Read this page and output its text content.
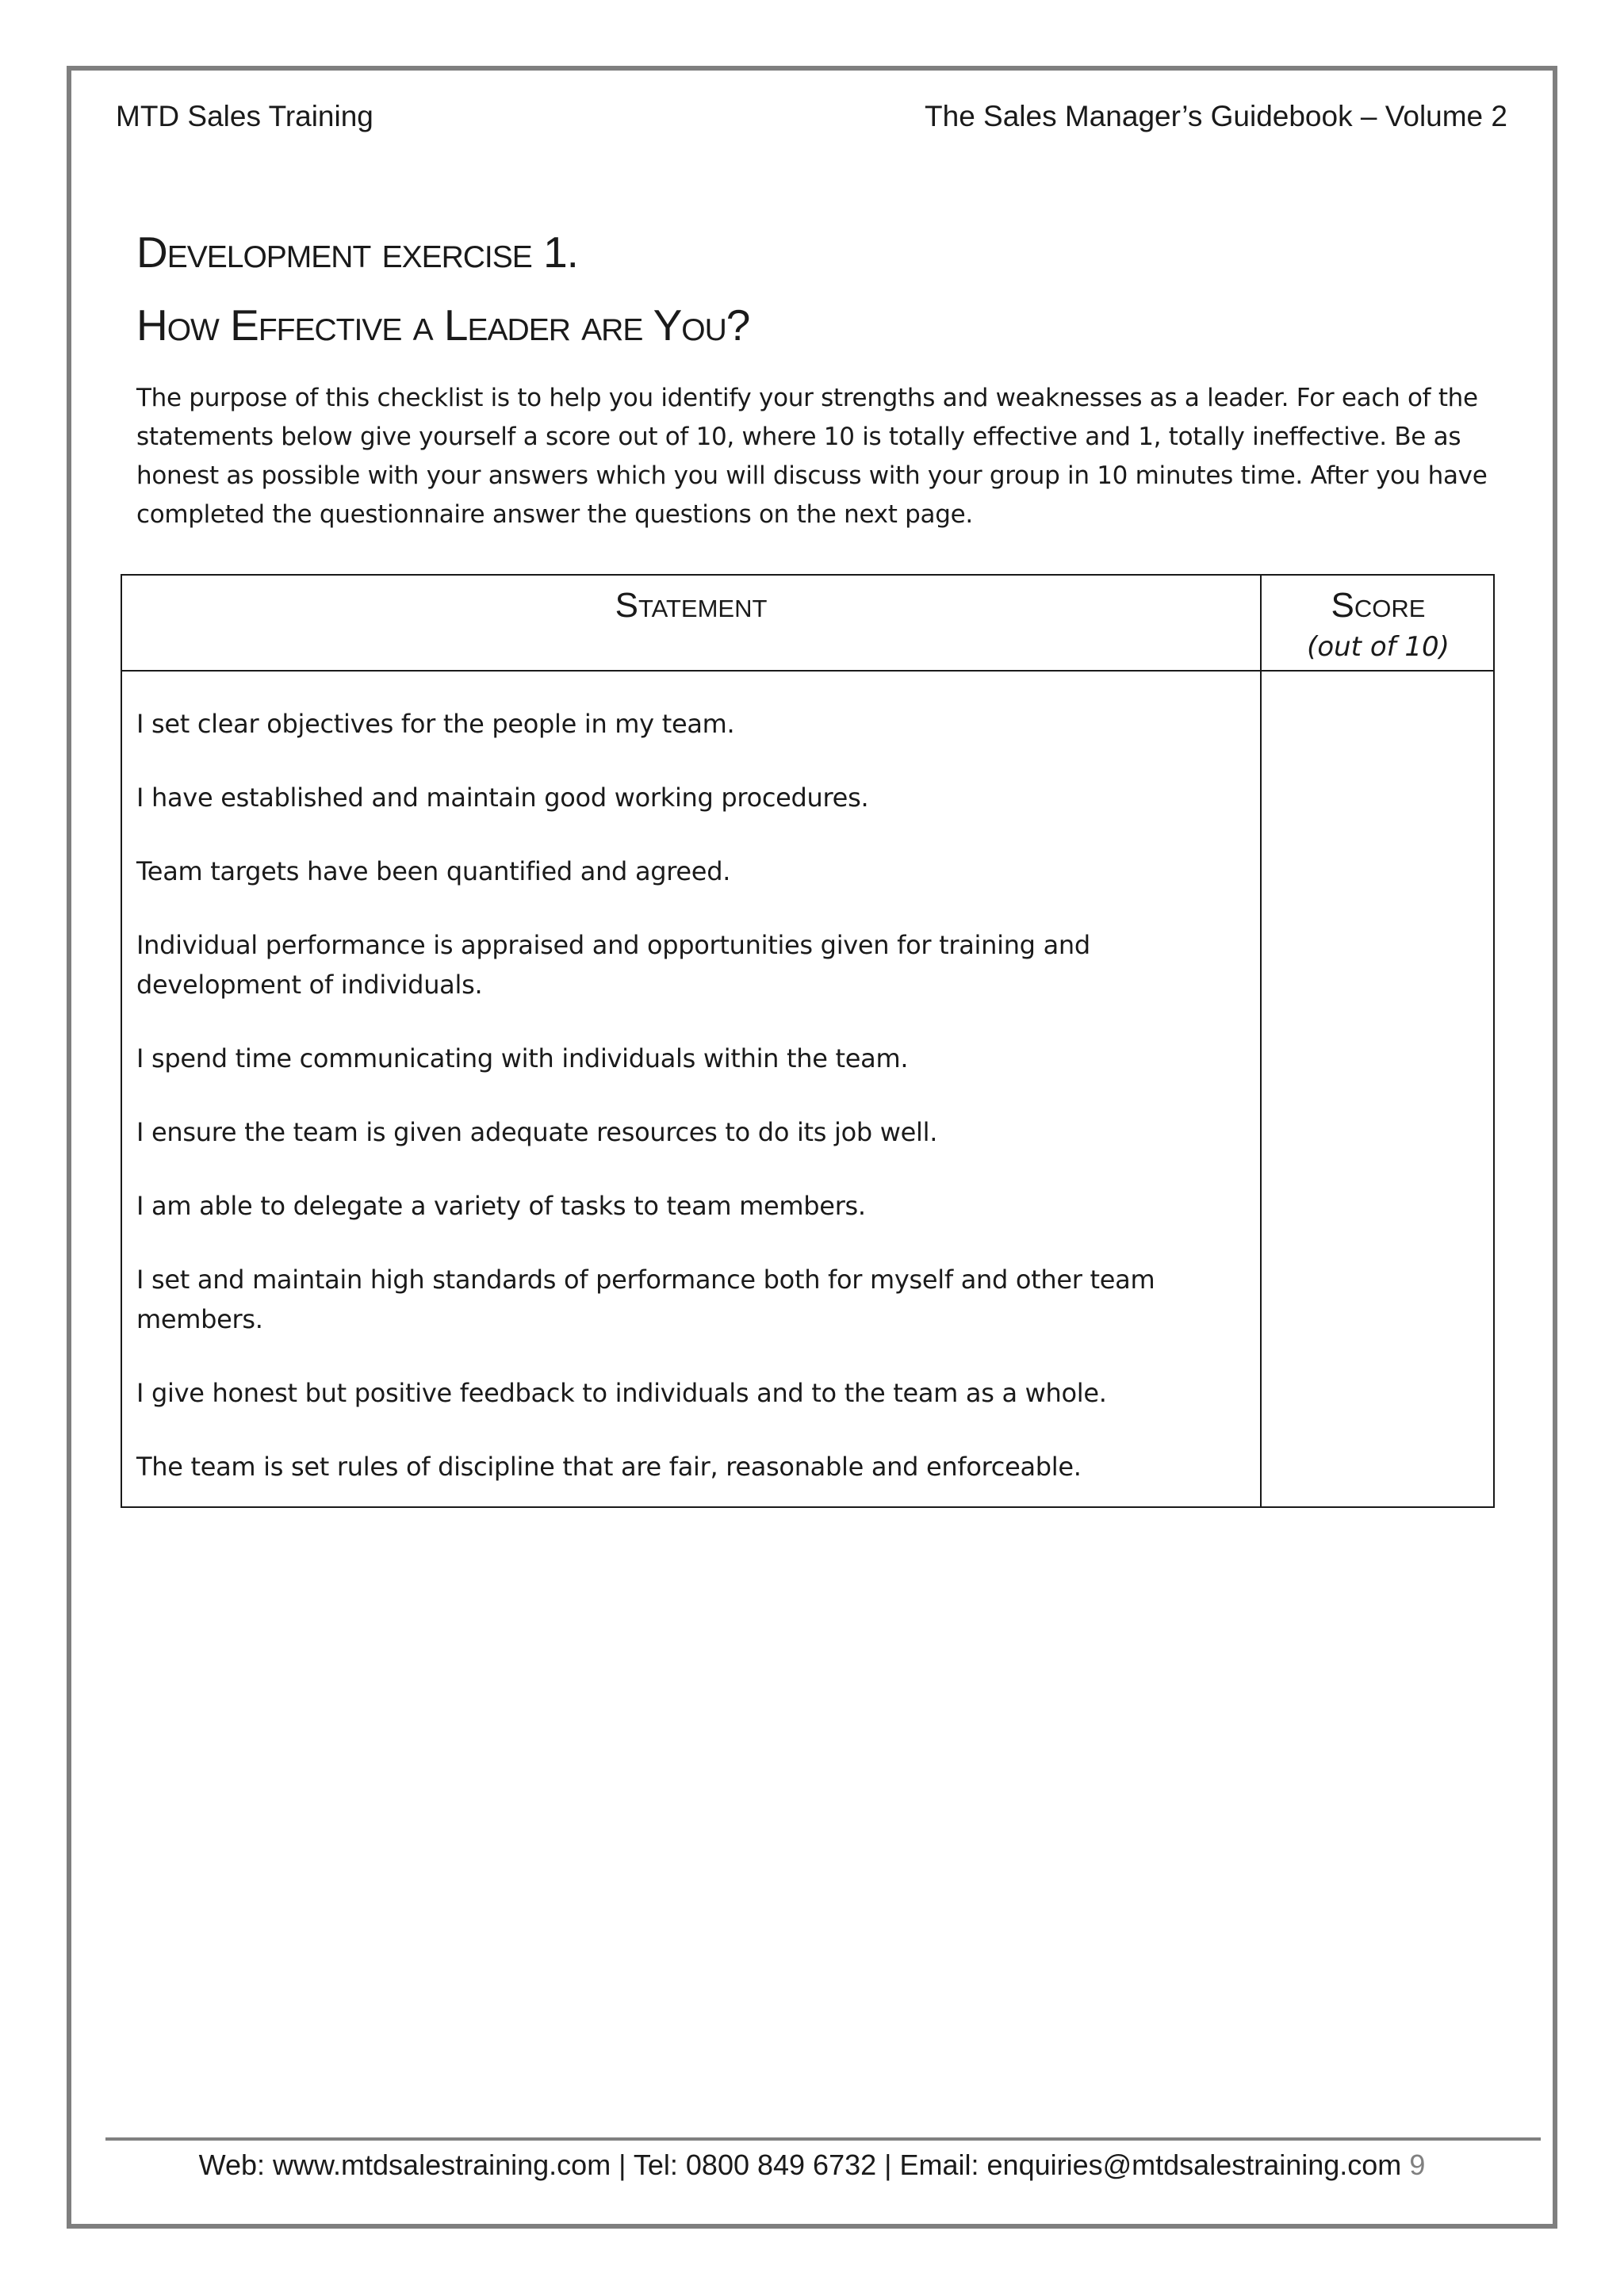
MTD Sales Training	The Sales Manager’s Guidebook – Volume 2
Development exercise 1.
How Effective a Leader are You?

The purpose of this checklist is to help you identify your strengths and weaknesses as a leader. For each of the statements below give yourself a score out of 10, where 10 is totally effective and 1, totally ineffective. Be as honest as possible with your answers which you will discuss with your group in 10 minutes time. After you have completed the questionnaire answer the questions on the next page.

Statement	Score
(out of 10)
I set clear objectives for the people in my team.
I have established and maintain good working procedures.
Team targets have been quantified and agreed.
Individual performance is appraised and opportunities given for training and development of individuals.
I spend time communicating with individuals within the team.
I ensure the team is given adequate resources to do its job well.
I am able to delegate a variety of tasks to team members.
I set and maintain high standards of performance both for myself and other team members.
I give honest but positive feedback to individuals and to the team as a whole.
The team is set rules of discipline that are fair, reasonable and enforceable.
Web: www.mtdsalestraining.com | Tel: 0800 849 6732 | Email: enquiries@mtdsalestraining.com 9
